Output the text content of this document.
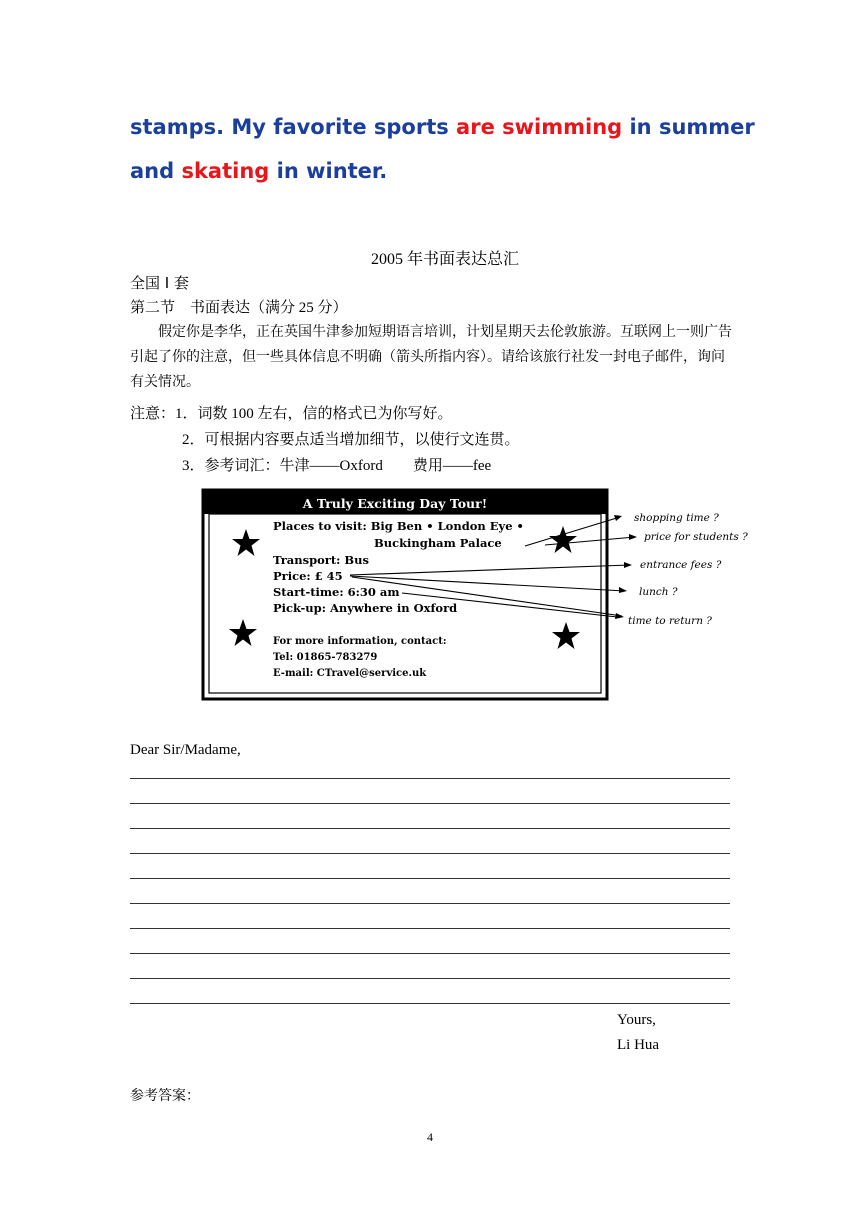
stamps. My favorite sports are swimming in summer
and skating in winter.
2005 年书面表达总汇
全国 I 套
第二节　书面表达（满分 25 分）
假定你是李华，正在英国牛津参加短期语言培训，计划星期天去伦敦旅游。互联网上一则广告引起了你的注意，但一些具体信息不明确（箭头所指内容）。请给该旅行社发一封电子邮件，询问有关情况。
注意：1．词数 100 左右，信的格式已为你写好。
2．可根据内容要点适当增加细节，以使行文连贯。
3．参考词汇：牛津——Oxford　　费用——fee
A Truly Exciting Day Tour!
Places to visit: Big Ben • London Eye •
Buckingham Palace
Transport: Bus
Price: £ 45
Start-time: 6:30 am
Pick-up: Anywhere in Oxford
For more information, contact:
Tel: 01865-783279
E-mail: CTravel@service.uk
shopping time ?
price for students ?
entrance fees ?
lunch ?
time to return ?
Dear Sir/Madame,
Yours,
Li Hua
参考答案：
4
